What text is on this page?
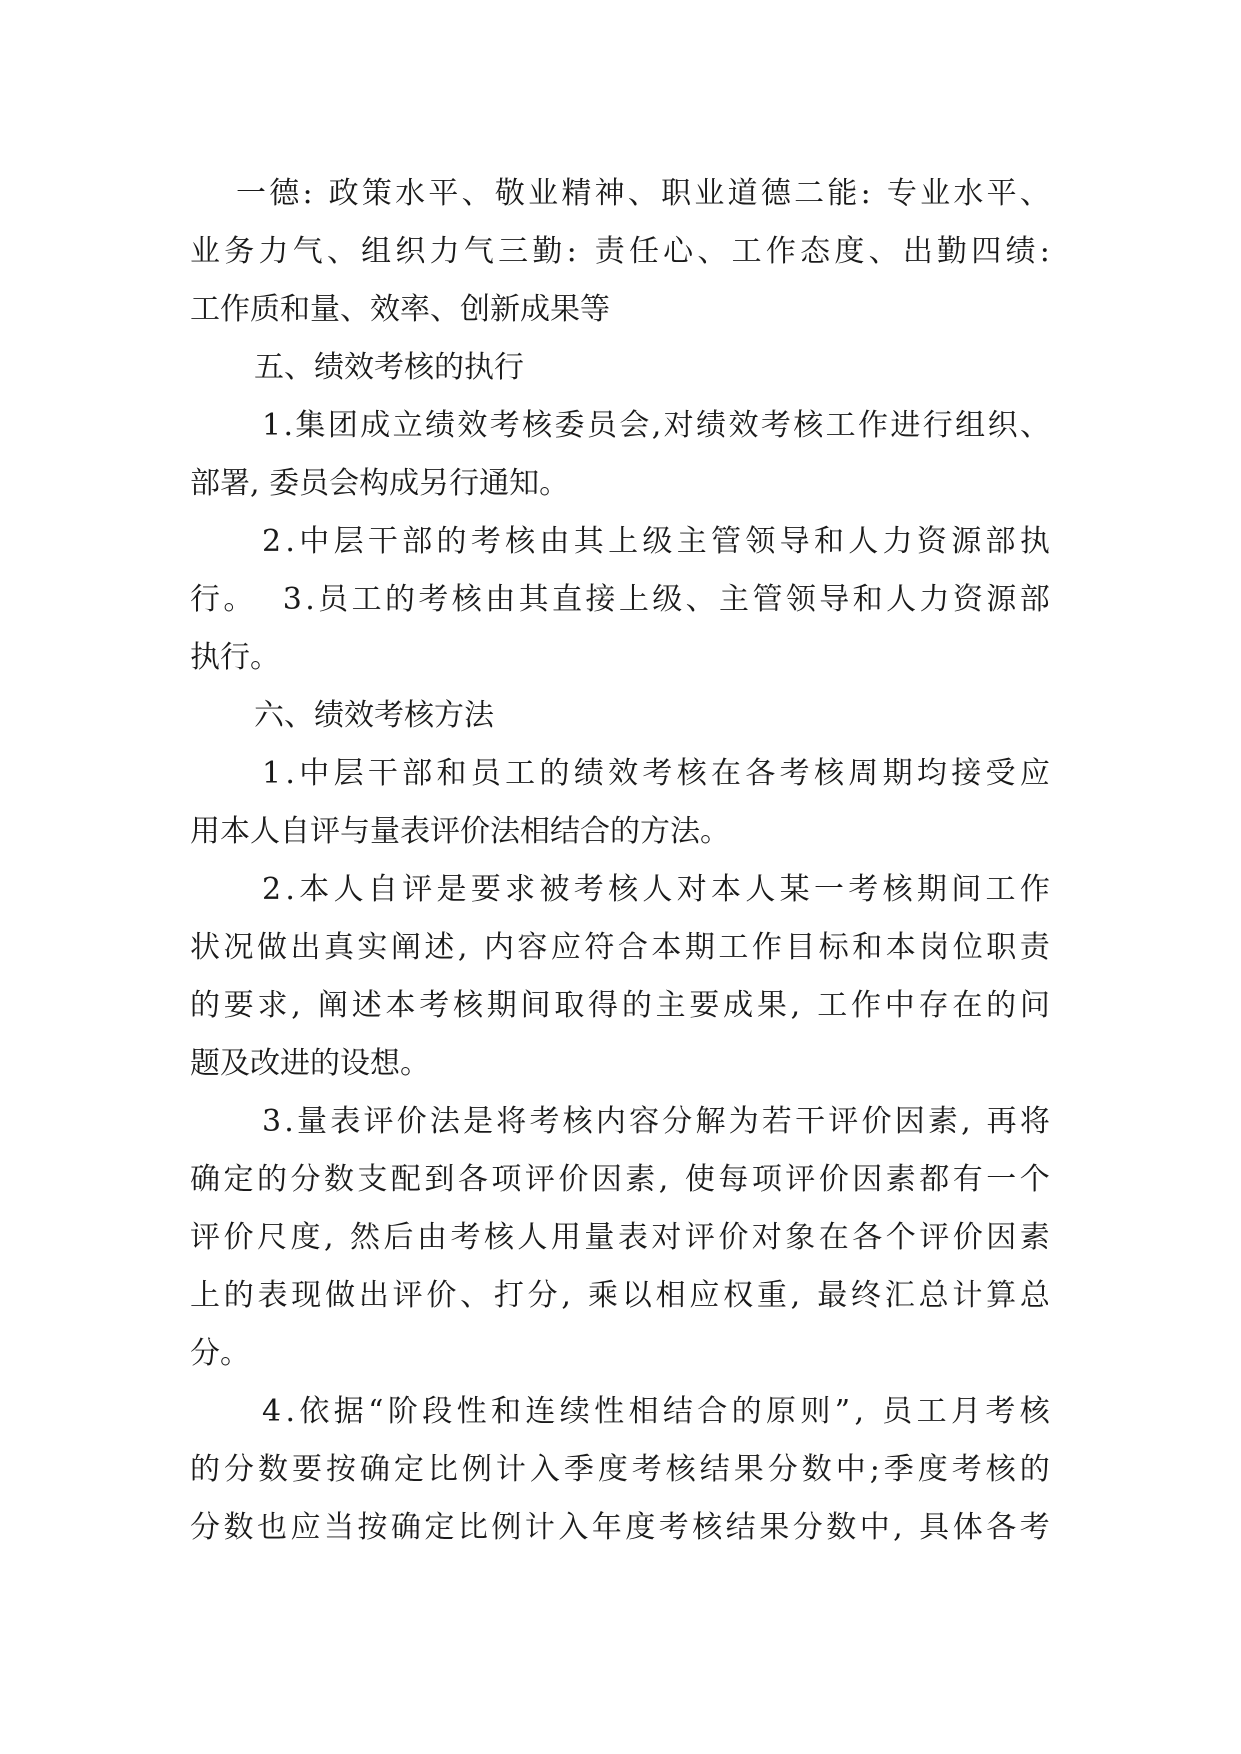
一 德 :
政 策 水 平 、 敬 业 精 神 、 职 业 道 德 二 能 :
专 业 水 平 、
业 务 力 气 、 组 织 力 气 三 勤 :
责 任 心 、 工 作 态 度 、 出 勤 四 绩 :
工作质和量、效率、创新成果等
五、绩效考核的执行
1 . 集 团 成 立 绩 效 考 核 委 员 会 , 对 绩 效 考 核 工 作 进 行 组 织 、
部署, 委员会构成另行通知。
2 . 中 层 干 部 的 考 核 由 其 上 级 主 管 领 导 和 人 力 资 源 部 执
行 。

3 . 员 工 的 考 核 由 其 直 接 上 级 、 主 管 领 导 和 人 力 资 源 部
执行。
六、绩效考核方法
1 . 中 层 干 部 和 员 工 的 绩 效 考 核 在 各 考 核 周 期 均 接 受 应
用本人自评与量表评价法相结合的方法。
2 . 本 人 自 评 是 要 求 被 考 核 人 对 本 人 某 一 考 核 期 间 工 作
状 况 做 出 真 实 阐 述 ,
内 容 应 符 合 本 期 工 作 目 标 和 本 岗 位 职 责
的 要 求 ,
阐 述 本 考 核 期 间 取 得 的 主 要 成 果 ,
工 作 中 存 在 的 问
题及改进的设想。
3 . 量 表 评 价 法 是 将 考 核 内 容 分 解 为 若 干 评 价 因 素 ,
再 将
确 定 的 分 数 支 配 到 各 项 评 价 因 素 ,
使 每 项 评 价 因 素 都 有 一 个
评 价 尺 度 ,
然 后 由 考 核 人 用 量 表 对 评 价 对 象 在 各 个 评 价 因 素
上 的 表 现 做 出 评 价 、 打 分 ,
乘 以 相 应 权 重 ,
最 终 汇 总 计 算 总
分。
4 . 依 据 “ 阶 段 性 和 连 续 性 相 结 合 的 原 则 ” ,
员 工 月 考 核
的 分 数 要 按 确 定 比 例 计 入 季 度 考 核 结 果 分 数 中 ; 季 度 考 核 的
分 数 也 应 当 按 确 定 比 例 计 入 年 度 考 核 结 果 分 数 中 ,
具 体 各 考
